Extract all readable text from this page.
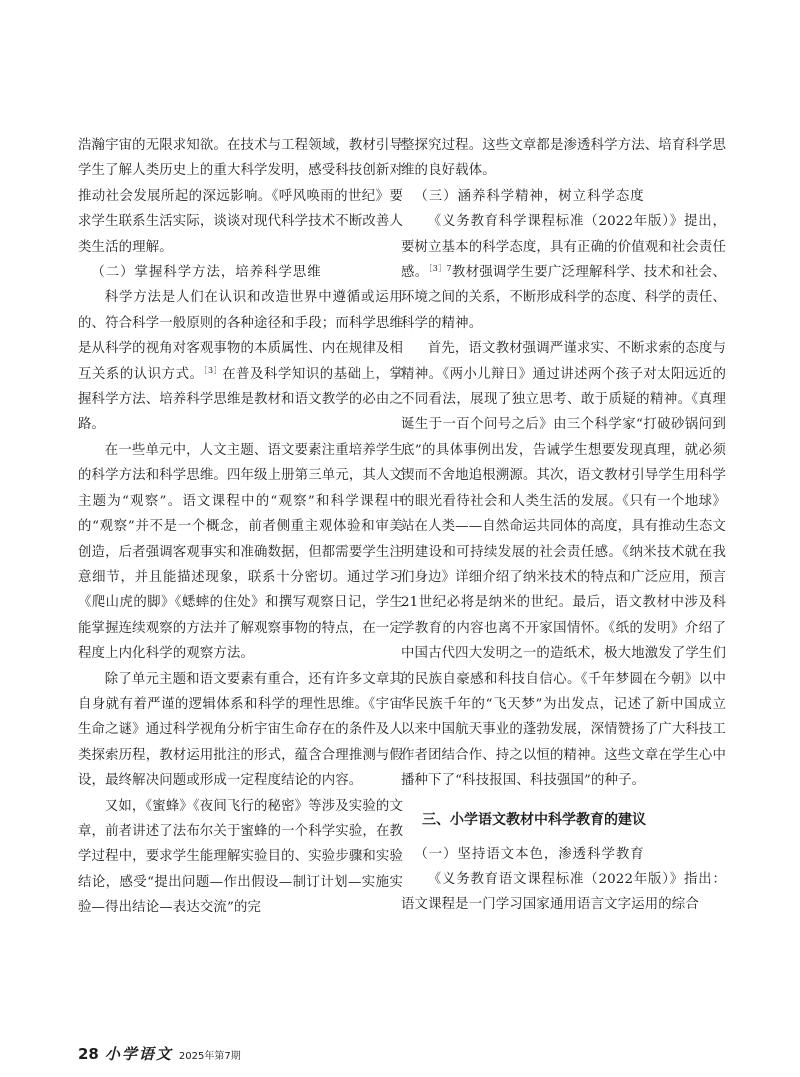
浩瀚宇宙的无限求知欲。在技术与工程领域，教材引导学生了解人类历史上的重大科学发明，感受科技创新对推动社会发展所起的深远影响。《呼风唤雨的世纪》要求学生联系生活实际，谈谈对现代科学技术不断改善人类生活的理解。

（二）掌握科学方法，培养科学思维

科学方法是人们在认识和改造世界中遵循或运用的、符合科学一般原则的各种途径和手段；而科学思维是从科学的视角对客观事物的本质属性、内在规律及相互关系的认识方式。$^{[3]}$在普及科学知识的基础上，掌握科学方法、培养科学思维是教材和语文教学的必由之路。

在一些单元中，人文主题、语文要素注重培养学生的科学方法和科学思维。四年级上册第三单元，其人文主题为“观察”。语文课程中的“观察”和科学课程中的“观察”并不是一个概念，前者侧重主观体验和审美创造，后者强调客观事实和准确数据，但都需要学生注意细节，并且能描述现象，联系十分密切。通过学习《爬山虎的脚》《蟋蟀的住处》和撰写观察日记，学生能掌握连续观察的方法并了解观察事物的特点，在一定程度上内化科学的观察方法。

除了单元主题和语文要素有重合，还有许多文章其自身就有着严谨的逻辑体系和科学的理性思维。《宇宙生命之谜》通过科学视角分析宇宙生命存在的条件及人类探索历程，教材运用批注的形式，蕴含合理推测与假设，最终解决问题或形成一定程度结论的内容。

又如，《蜜蜂》《夜间飞行的秘密》等涉及实验的文章，前者讲述了法布尔关于蜜蜂的一个科学实验，在教学过程中，要求学生能理解实验目的、实验步骤和实验结论，感受“提出问题—作出假设—制订计划—实施实验—得出结论—表达交流”的完

整探究过程。这些文章都是渗透科学方法、培育科学思维的良好载体。

（三）涵养科学精神，树立科学态度

《义务教育科学课程标准（2022年版）》提出，要树立基本的科学态度，具有正确的价值观和社会责任感。$^{[3]7}$教材强调学生要广泛理解科学、技术和社会、环境之间的关系，不断形成科学的态度、科学的责任、科学的精神。

首先，语文教材强调严谨求实、不断求索的态度与精神。《两小儿辩日》通过讲述两个孩子对太阳远近的不同看法，展现了独立思考、敢于质疑的精神。《真理诞生于一百个问号之后》由三个科学家“打破砂锅问到底”的具体事例出发，告诫学生想要发现真理，就必须锲而不舍地追根溯源。其次，语文教材引导学生用科学的眼光看待社会和人类生活的发展。《只有一个地球》站在人类——自然命运共同体的高度，具有推动生态文明建设和可持续发展的社会责任感。《纳米技术就在我们身边》详细介绍了纳米技术的特点和广泛应用，预言21世纪必将是纳米的世纪。最后，语文教材中涉及科学教育的内容也离不开家国情怀。《纸的发明》介绍了中国古代四大发明之一的造纸术，极大地激发了学生们的民族自豪感和科技自信心。《千年梦圆在今朝》以中华民族千年的“飞天梦”为出发点，记述了新中国成立以来中国航天事业的蓬勃发展，深情赞扬了广大科技工作者团结合作、持之以恒的精神。这些文章在学生心中播种下了“科技报国、科技强国”的种子。

三、小学语文教材中科学教育的建议
（一）坚持语文本色，渗透科学教育

《义务教育语文课程标准（2022年版）》指出：语文课程是一门学习国家通用语言文字运用的综合

28 小学语文 2025年第7期
